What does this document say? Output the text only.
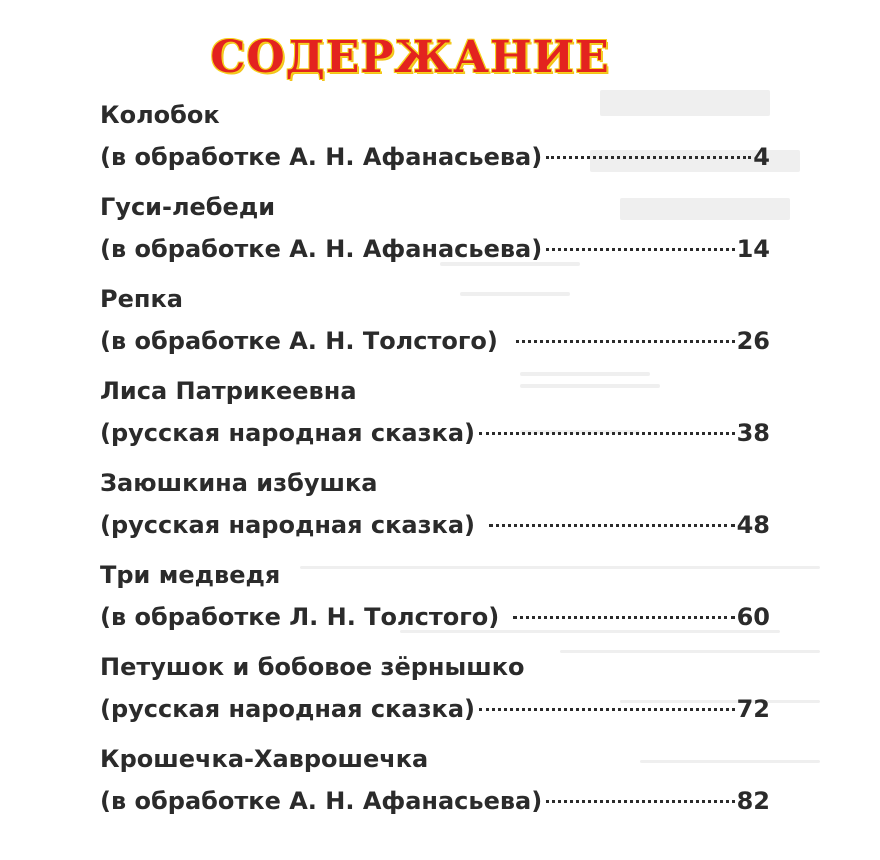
СОДЕРЖАНИЕ
Колобок
(в обработке А. Н. Афанасьева)	4
Гуси-лебеди
(в обработке А. Н. Афанасьева)	14
Репка
(в обработке А. Н. Толстого)	26
Лиса Патрикеевна
(русская народная сказка)	38
Заюшкина избушка
(русская народная сказка)	48
Три медведя
(в обработке Л. Н. Толстого)	60
Петушок и бобовое зёрнышко
(русская народная сказка)	72
Крошечка-Хаврошечка
(в обработке А. Н. Афанасьева)	82
